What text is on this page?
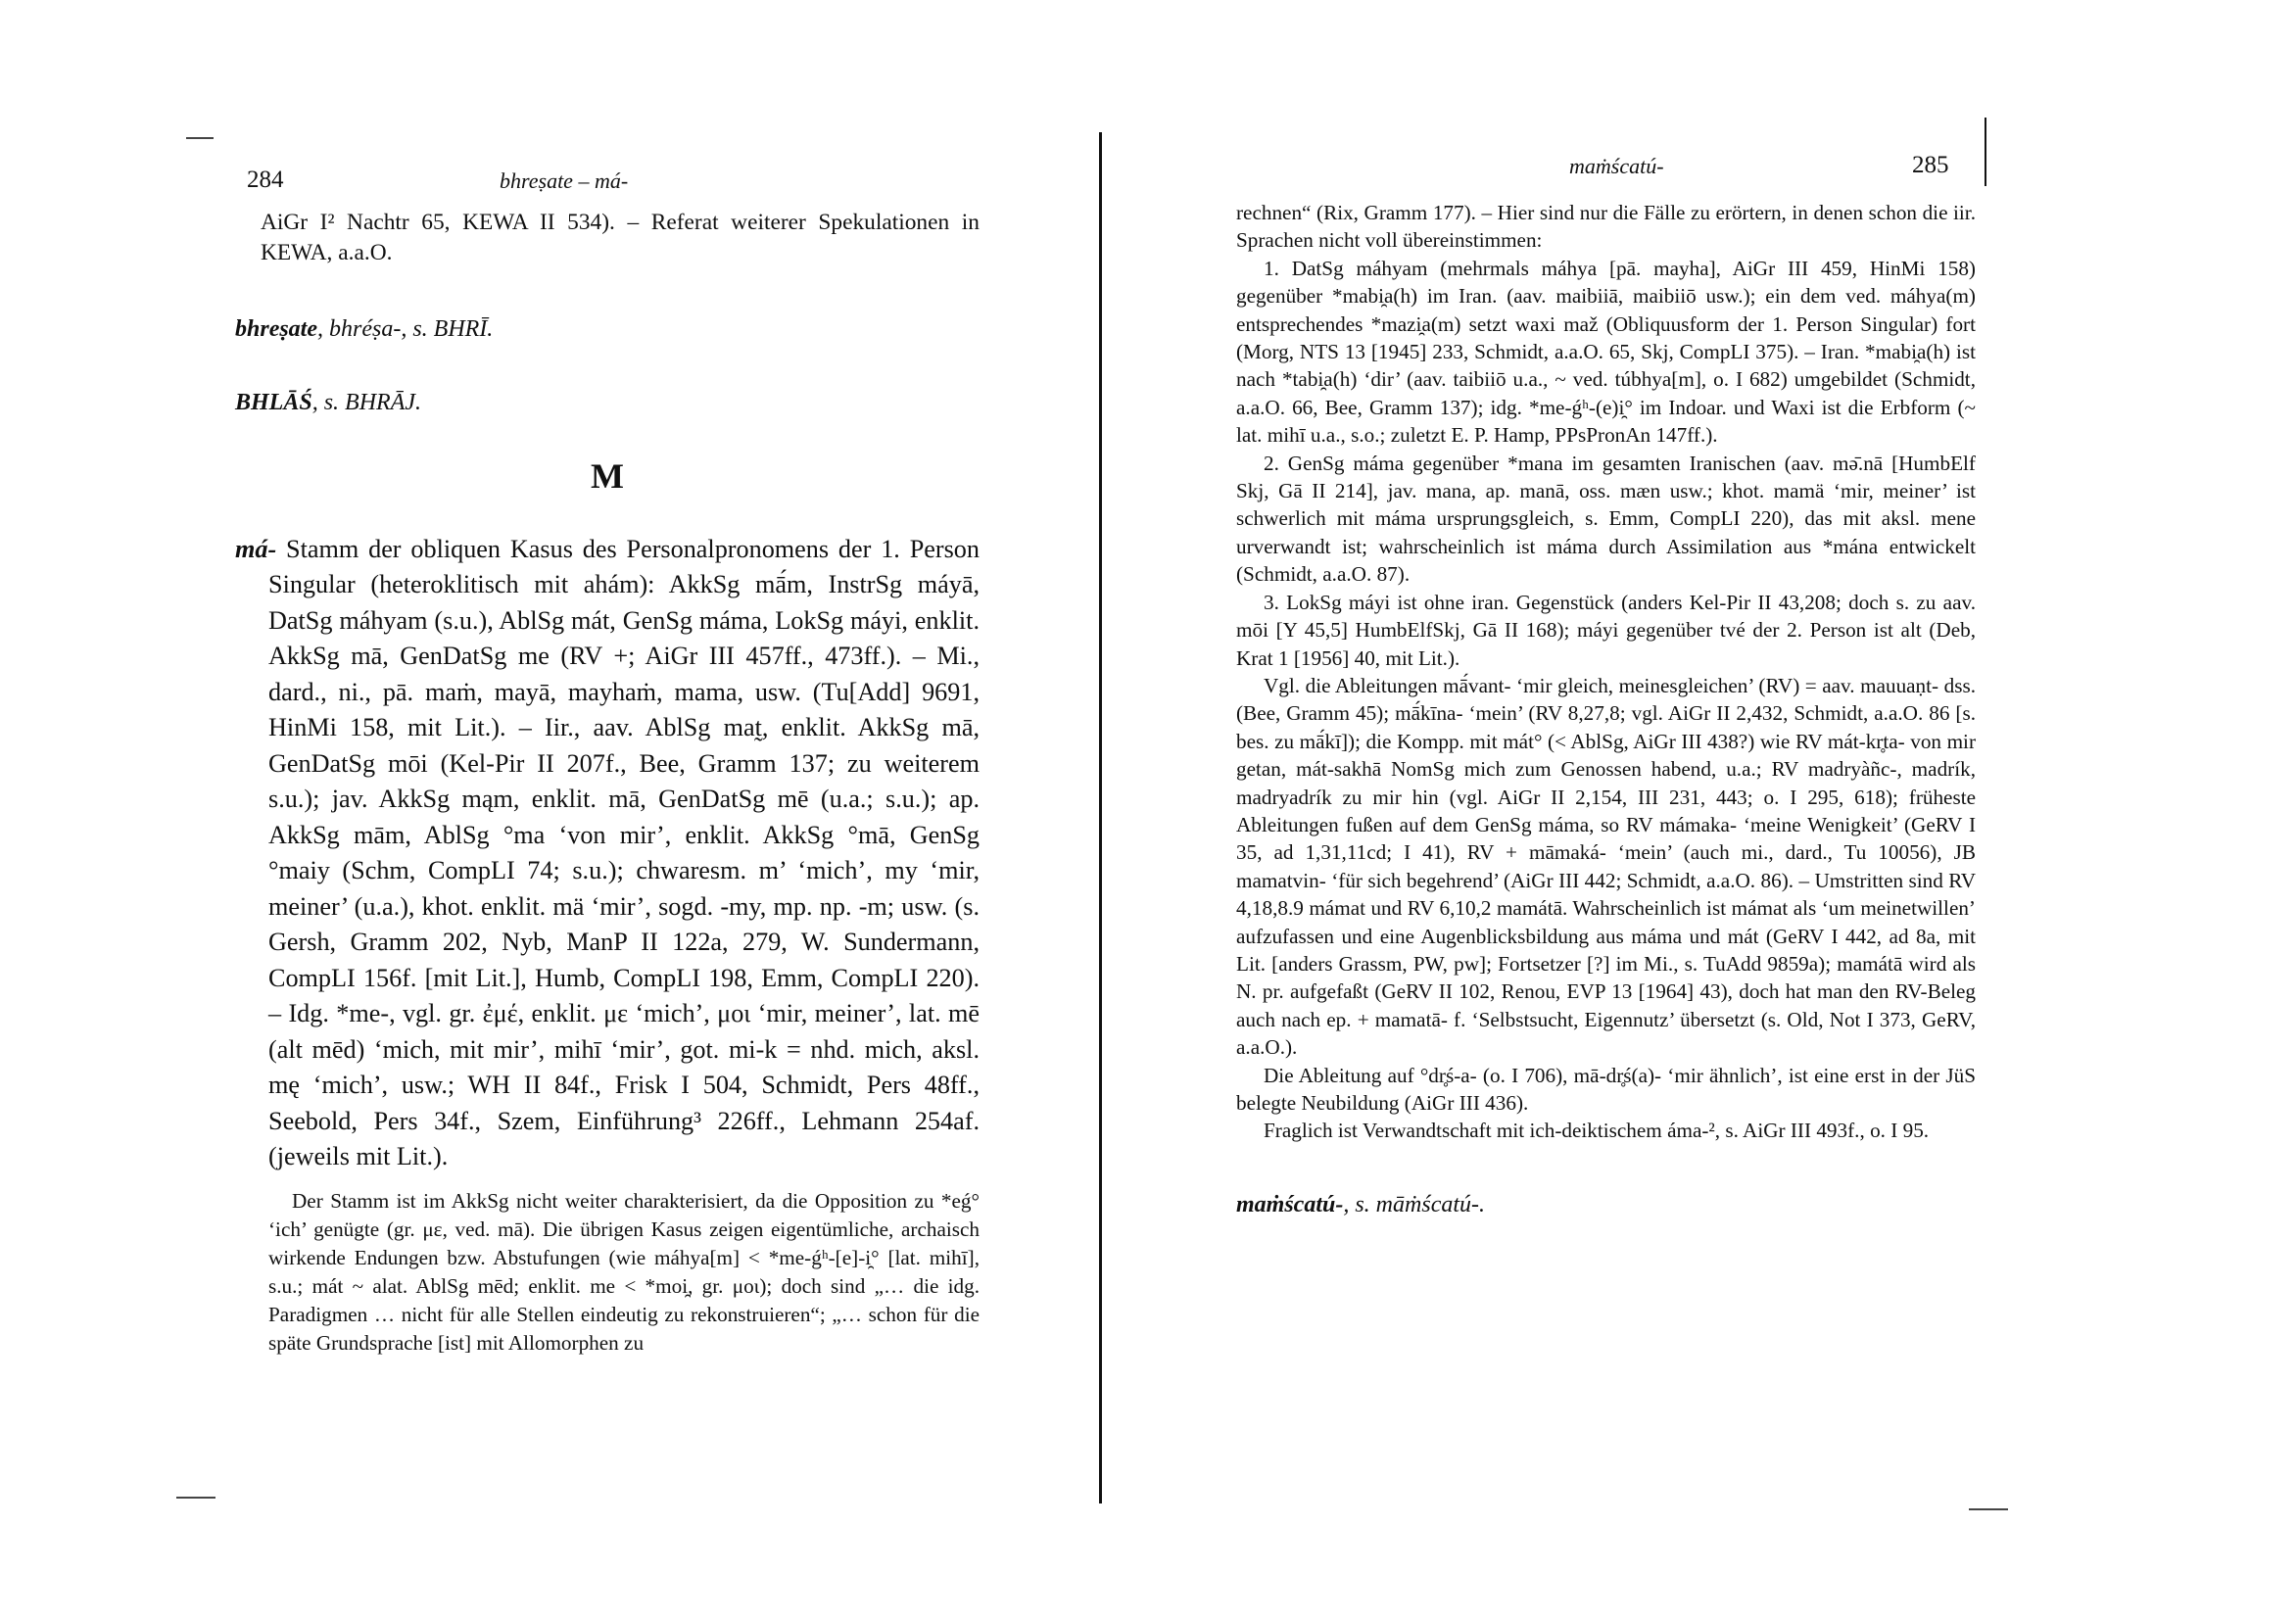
284	bhreṣate – má-

AiGr I² Nachtr 65, KEWA II 534). – Referat weiterer Spekulationen in KEWA, a.a.O.

bhreṣate, bhréṣa-, s. BHRĪ.

BHLĀŚ, s. BHRĀJ.

M

má- Stamm der obliquen Kasus des Personalpronomens der 1. Person Singular (heteroklitisch mit ahám): AkkSg mā́m, InstrSg máyā, DatSg máhyam (s.u.), AblSg mát, GenSg máma, LokSg máyi, enklit. AkkSg mā, GenDatSg me (RV +; AiGr III 457ff., 473ff.). – Mi., dard., ni., pā. maṁ, mayā, mayhaṁ, mama, usw. (Tu[Add] 9691, HinMi 158, mit Lit.). – Iir., aav. AblSg mat̰, enklit. AkkSg mā, GenDatSg mōi (Kel-Pir II 207f., Bee, Gramm 137; zu weiterem s.u.); jav. AkkSg mąm, enklit. mā, GenDatSg mē (u.a.; s.u.); ap. AkkSg mām, AblSg °ma ‘von mir’, enklit. AkkSg °mā, GenSg °maiy (Schm, CompLI 74; s.u.); chwaresm. m’ ‘mich’, my ‘mir, meiner’ (u.a.), khot. enklit. mä ‘mir’, sogd. -my, mp. np. -m; usw. (s. Gersh, Gramm 202, Nyb, ManP II 122a, 279, W. Sundermann, CompLI 156f. [mit Lit.], Humb, CompLI 198, Emm, CompLI 220). – Idg. *me-, vgl. gr. ἐμέ, enklit. με ‘mich’, μοι ‘mir, meiner’, lat. mē (alt mēd) ‘mich, mit mir’, mihī ‘mir’, got. mi-k = nhd. mich, aksl. mę ‘mich’, usw.; WH II 84f., Frisk I 504, Schmidt, Pers 48ff., Seebold, Pers 34f., Szem, Einführung³ 226ff., Lehmann 254af. (jeweils mit Lit.).

Der Stamm ist im AkkSg nicht weiter charakterisiert, da die Opposition zu *eǵ° ‘ich’ genügte (gr. με, ved. mā). Die übrigen Kasus zeigen eigentümliche, archaisch wirkende Endungen bzw. Abstufungen (wie máhya[m] < *me-ǵʰ-[e]-i̯° [lat. mihī], s.u.; mát ~ alat. AblSg mēd; enklit. me < *moi̯, gr. μοι); doch sind „… die idg. Paradigmen … nicht für alle Stellen eindeutig zu rekonstruieren“; „… schon für die späte Grundsprache [ist] mit Allomorphen zu

maṁścatú-	285

rechnen“ (Rix, Gramm 177). – Hier sind nur die Fälle zu erörtern, in denen schon die iir. Sprachen nicht voll übereinstimmen:

1. DatSg máhyam (mehrmals máhya [pā. mayha], AiGr III 459, HinMi 158) gegenüber *mabi̯a(h) im Iran. (aav. maibiiā, maibiiō usw.); ein dem ved. máhya(m) entsprechendes *mazi̯a(m) setzt waxi maž (Obliquusform der 1. Person Singular) fort (Morg, NTS 13 [1945] 233, Schmidt, a.a.O. 65, Skj, CompLI 375). – Iran. *mabi̯a(h) ist nach *tabi̯a(h) ‘dir’ (aav. taibiiō u.a., ~ ved. túbhya[m], o. I 682) umgebildet (Schmidt, a.a.O. 66, Bee, Gramm 137); idg. *me-ǵʰ-(e)i̯° im Indoar. und Waxi ist die Erbform (~ lat. mihī u.a., s.o.; zuletzt E. P. Hamp, PPsPronAn 147ff.).

2. GenSg máma gegenüber *mana im gesamten Iranischen (aav. mə̄.nā [HumbElf Skj, Gā II 214], jav. mana, ap. manā, oss. mæn usw.; khot. mamä ‘mir, meiner’ ist schwerlich mit máma ursprungsgleich, s. Emm, CompLI 220), das mit aksl. mene urverwandt ist; wahrscheinlich ist máma durch Assimilation aus *mána entwickelt (Schmidt, a.a.O. 87).

3. LokSg máyi ist ohne iran. Gegenstück (anders Kel-Pir II 43,208; doch s. zu aav. mōi [Y 45,5] HumbElfSkj, Gā II 168); máyi gegenüber tvé der 2. Person ist alt (Deb, Krat 1 [1956] 40, mit Lit.).

Vgl. die Ableitungen mā́vant- ‘mir gleich, meinesgleichen’ (RV) = aav. mauuaṇt- dss. (Bee, Gramm 45); mā́kīna- ‘mein’ (RV 8,27,8; vgl. AiGr II 2,432, Schmidt, a.a.O. 86 [s. bes. zu mā́kī]); die Kompp. mit mát° (< AblSg, AiGr III 438?) wie RV mát-kr̥ta- von mir getan, mát-sakhā NomSg mich zum Genossen habend, u.a.; RV madryàñc-, madrík, madryadrík zu mir hin (vgl. AiGr II 2,154, III 231, 443; o. I 295, 618); früheste Ableitungen fußen auf dem GenSg máma, so RV mámaka- ‘meine Wenigkeit’ (GeRV I 35, ad 1,31,11cd; I 41), RV + māmaká- ‘mein’ (auch mi., dard., Tu 10056), JB mamatvin- ‘für sich begehrend’ (AiGr III 442; Schmidt, a.a.O. 86). – Umstritten sind RV 4,18,8.9 mámat und RV 6,10,2 mamátā. Wahrscheinlich ist mámat als ‘um meinetwillen’ aufzufassen und eine Augenblicksbildung aus máma und mát (GeRV I 442, ad 8a, mit Lit. [anders Grassm, PW, pw]; Fortsetzer [?] im Mi., s. TuAdd 9859a); mamátā wird als N. pr. aufgefaßt (GeRV II 102, Renou, EVP 13 [1964] 43), doch hat man den RV-Beleg auch nach ep. + mamatā- f. ‘Selbstsucht, Eigennutz’ übersetzt (s. Old, Not I 373, GeRV, a.a.O.).

Die Ableitung auf °dr̥ś-a- (o. I 706), mā-dr̥ś(a)- ‘mir ähnlich’, ist eine erst in der JüS belegte Neubildung (AiGr III 436).

Fraglich ist Verwandtschaft mit ich-deiktischem áma-², s. AiGr III 493f., o. I 95.

maṁścatú-, s. māṁścatú-.
